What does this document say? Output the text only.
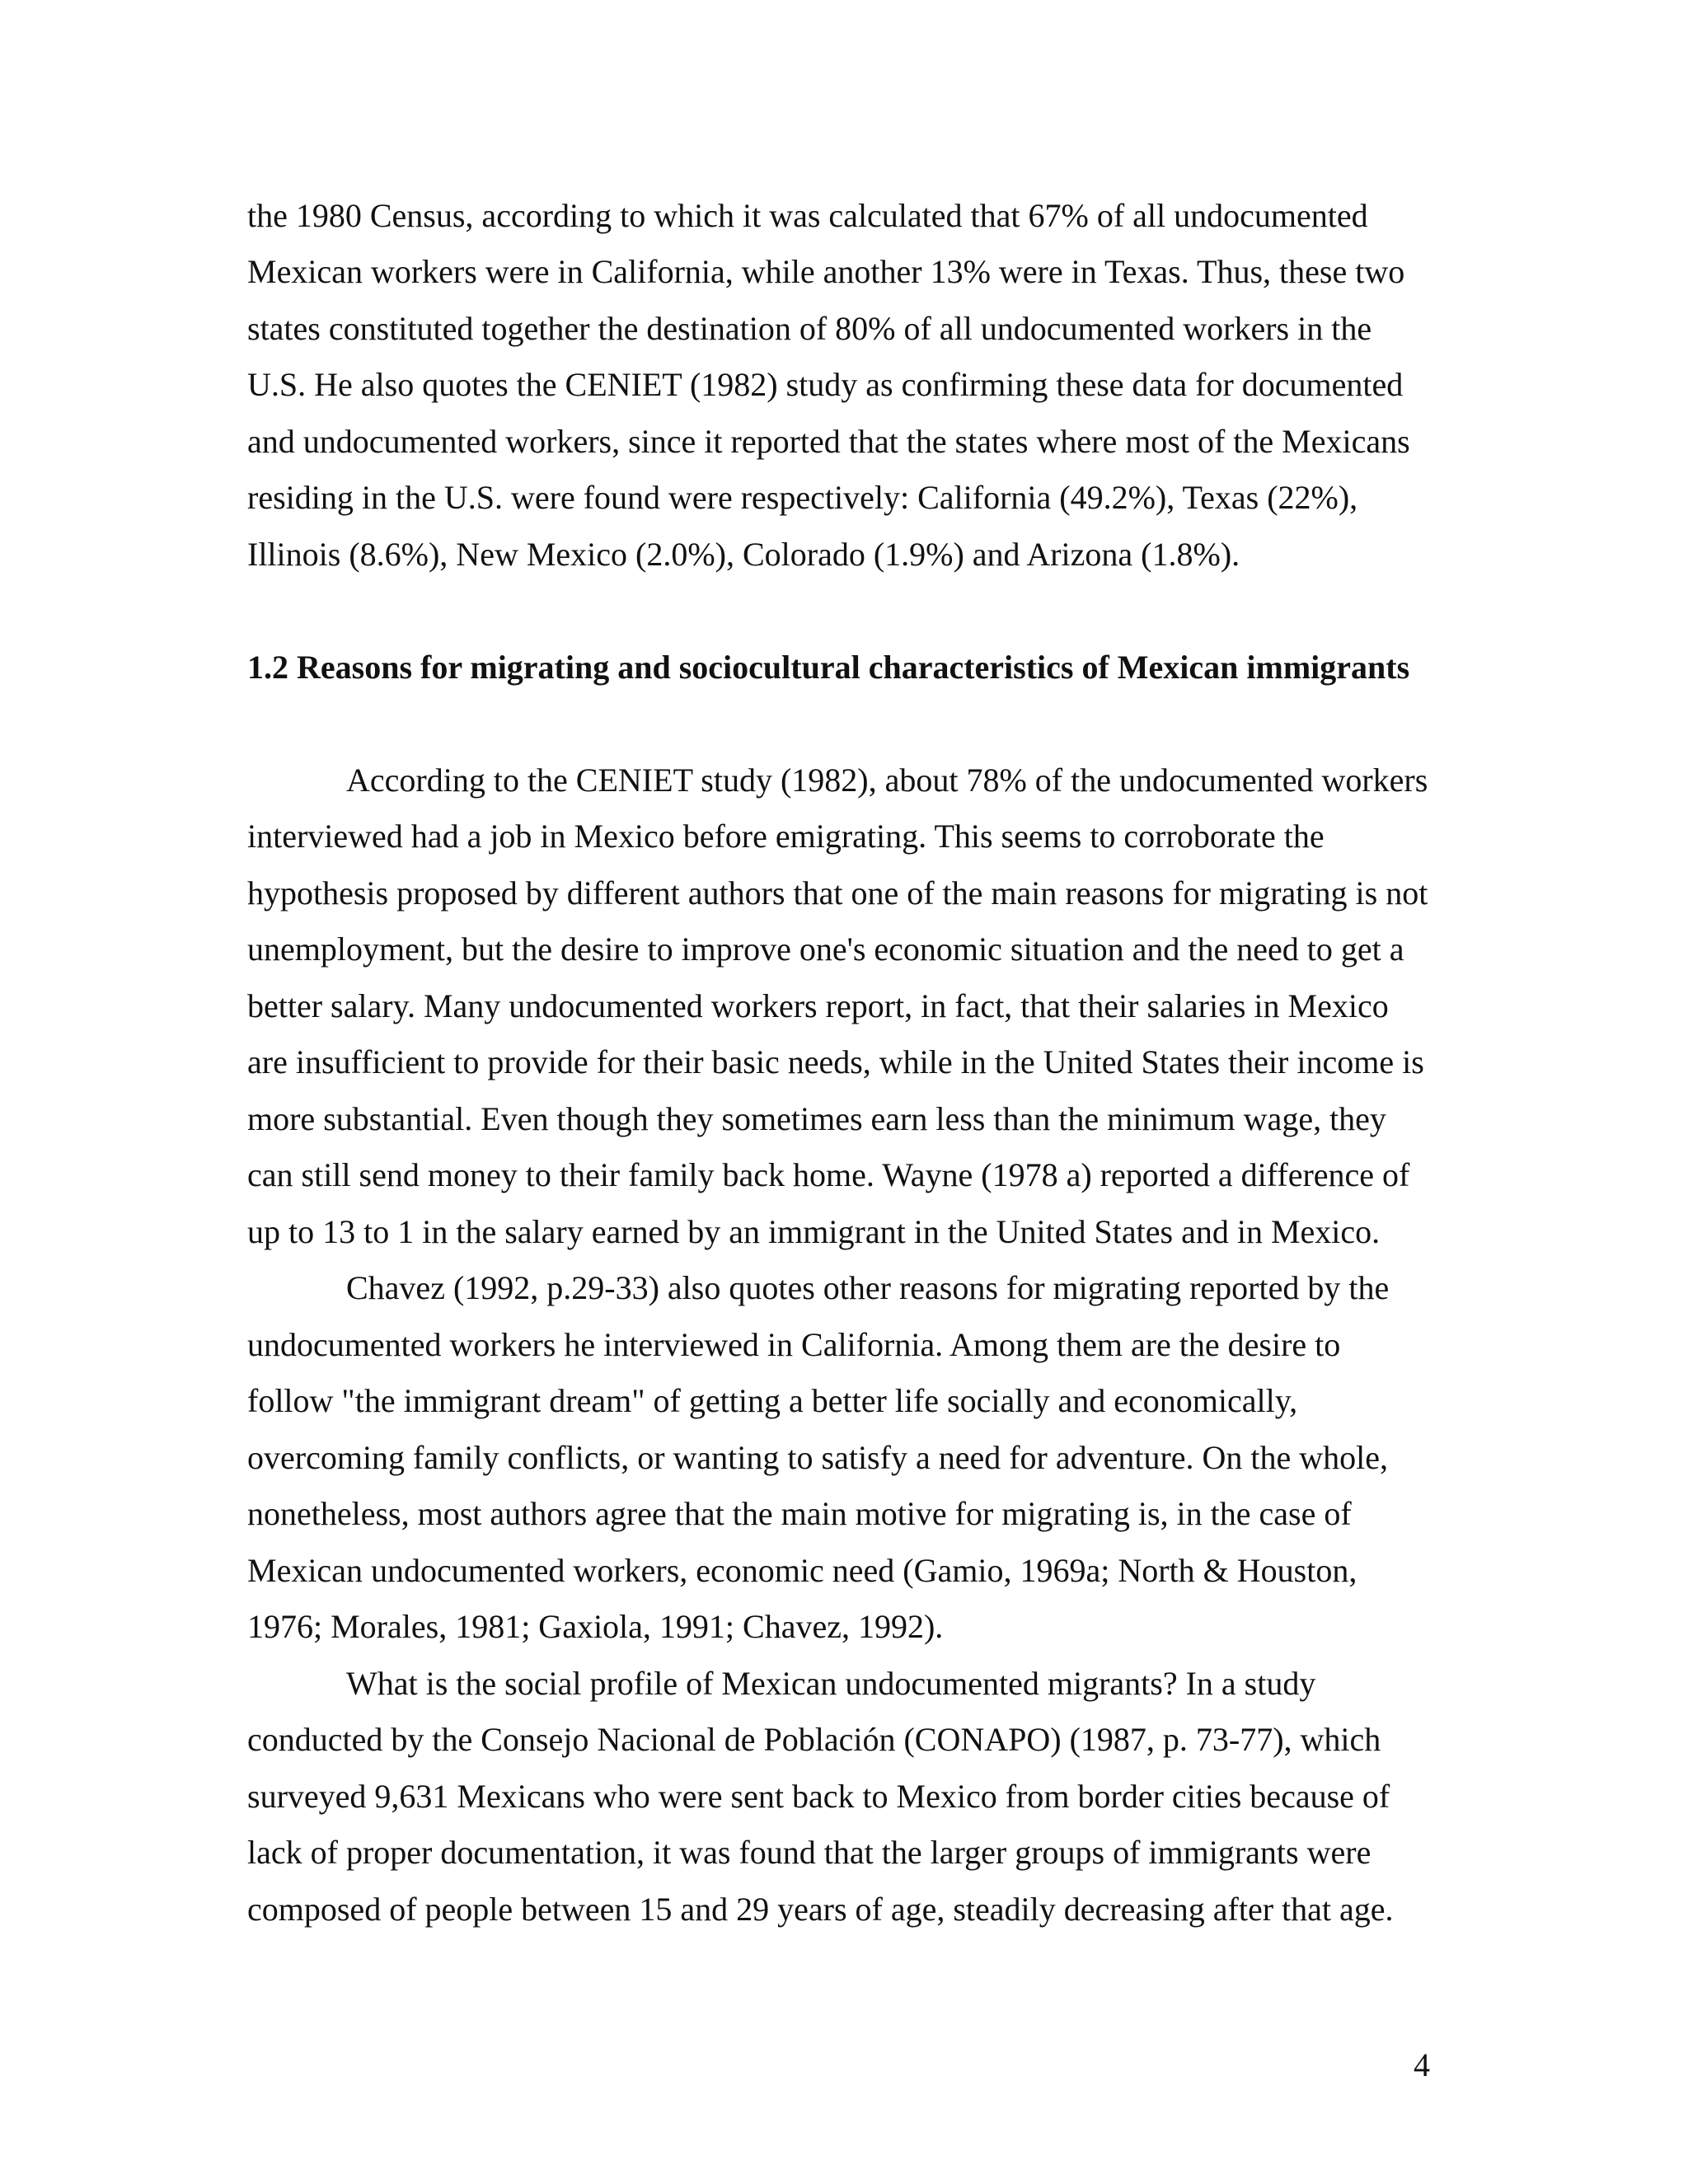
the 1980 Census, according to which it was calculated that 67% of all undocumented
Mexican workers were in California, while another 13% were in Texas. Thus, these two
states constituted together the destination of 80% of all undocumented workers in the
U.S. He also quotes the CENIET (1982) study as confirming these data for documented
and undocumented workers, since it reported that the states where most of the Mexicans
residing in the U.S. were found were respectively: California (49.2%), Texas (22%),
Illinois (8.6%), New Mexico (2.0%), Colorado (1.9%) and Arizona (1.8%).
1.2 Reasons for migrating and sociocultural characteristics of Mexican immigrants
According to the CENIET study (1982), about 78% of the undocumented workers
interviewed had a job in Mexico before emigrating. This seems to corroborate the
hypothesis proposed by different authors that one of the main reasons for migrating is not
unemployment, but the desire to improve one's economic situation and the need to get a
better salary. Many undocumented workers report, in fact, that their salaries in Mexico
are insufficient to provide for their basic needs, while in the United States their income is
more substantial. Even though they sometimes earn less than the minimum wage, they
can still send money to their family back home. Wayne (1978 a) reported a difference of
up to 13 to 1 in the salary earned by an immigrant in the United States and in Mexico.
Chavez (1992, p.29-33) also quotes other reasons for migrating reported by the
undocumented workers he interviewed in California. Among them are the desire to
follow "the immigrant dream" of getting a better life socially and economically,
overcoming family conflicts, or wanting to satisfy a need for adventure. On the whole,
nonetheless, most authors agree that the main motive for migrating is, in the case of
Mexican undocumented workers, economic need (Gamio, 1969a; North & Houston,
1976; Morales, 1981; Gaxiola, 1991; Chavez, 1992).
What is the social profile of Mexican undocumented migrants? In a study
conducted by the Consejo Nacional de Población (CONAPO) (1987, p. 73-77), which
surveyed 9,631 Mexicans who were sent back to Mexico from border cities because of
lack of proper documentation, it was found that the larger groups of immigrants were
composed of people between 15 and 29 years of age, steadily decreasing after that age.
4
